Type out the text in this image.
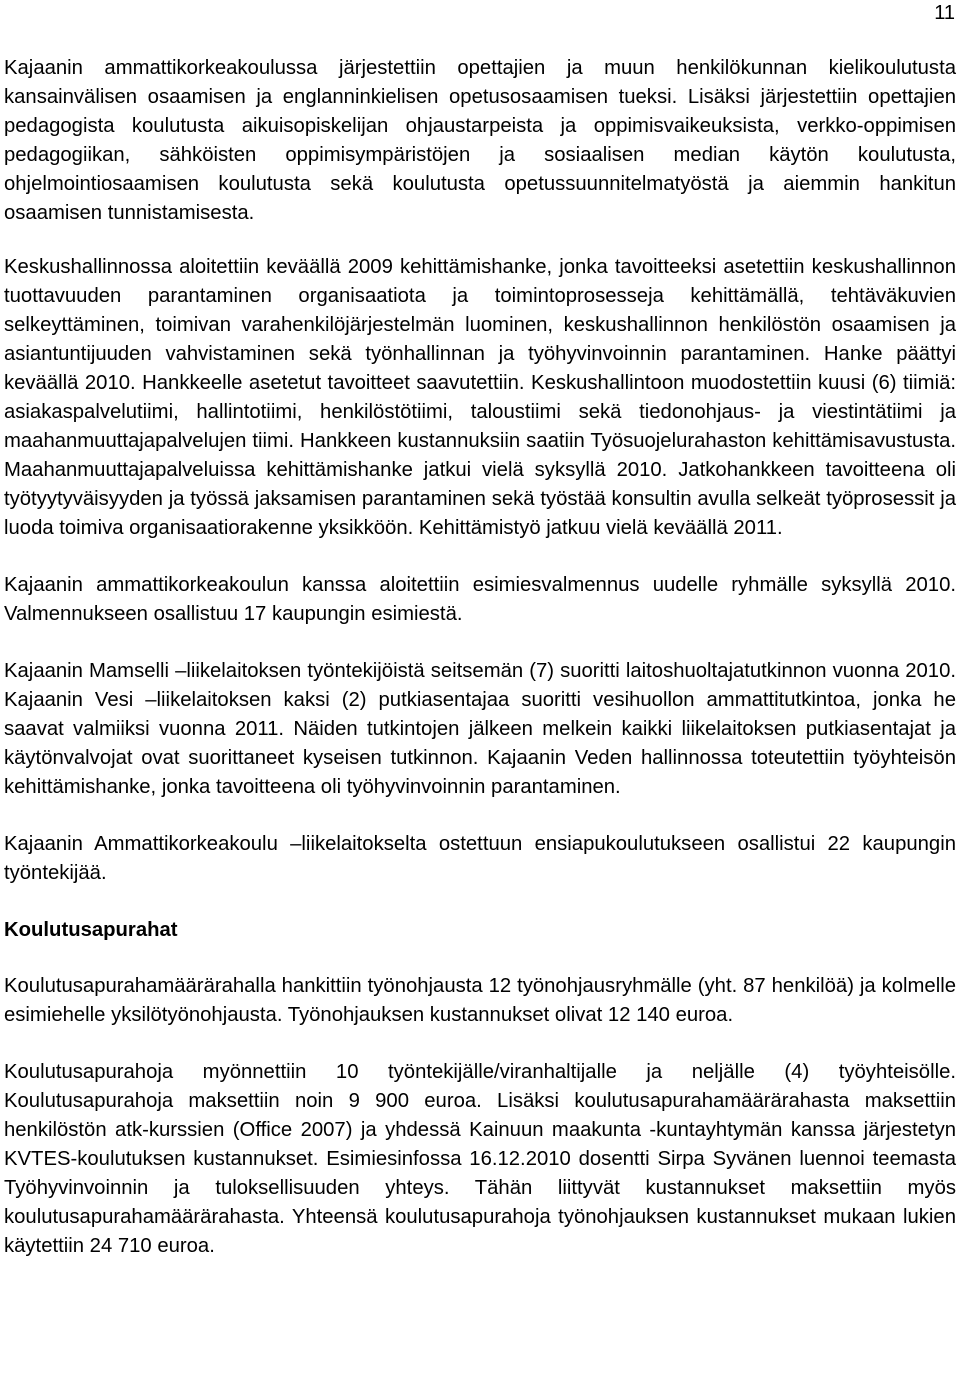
11

Kajaanin ammattikorkeakoulussa järjestettiin opettajien ja muun henkilökunnan kielikoulutusta kansainvälisen osaamisen ja englanninkielisen opetusosaamisen tueksi. Lisäksi järjestettiin opettajien pedagogista koulutusta aikuisopiskelijan ohjaustarpeista ja oppimisvaikeuksista, verkko-oppimisen pedagogiikan, sähköisten oppimisympäristöjen ja sosiaalisen median käytön koulutusta, ohjelmointiosaamisen koulutusta sekä koulutusta opetussuunnitelmatyöstä ja aiemmin hankitun osaamisen tunnistamisesta.

Keskushallinnossa aloitettiin keväällä 2009 kehittämishanke, jonka tavoitteeksi asetettiin keskushallinnon tuottavuuden parantaminen organisaatiota ja toimintoprosesseja kehittämällä, tehtäväkuvien selkeyttäminen, toimivan varahenkilöjärjestelmän luominen, keskushallinnon henkilöstön osaamisen ja asiantuntijuuden vahvistaminen sekä työnhallinnan ja työhyvinvoinnin parantaminen. Hanke päättyi keväällä 2010. Hankkeelle asetetut tavoitteet saavutettiin. Keskushallintoon muodostettiin kuusi (6) tiimiä: asiakaspalvelutiimi, hallintotiimi, henkilöstötiimi, taloustiimi sekä tiedonohjaus- ja viestintätiimi ja maahanmuuttajapalvelujen tiimi. Hankkeen kustannuksiin saatiin Työsuojelurahaston kehittämisavustusta. Maahanmuuttajapalveluissa kehittämishanke jatkui vielä syksyllä 2010. Jatkohankkeen tavoitteena oli työtyytyväisyyden ja työssä jaksamisen parantaminen sekä työstää konsultin avulla selkeät työprosessit ja luoda toimiva organisaatiorakenne yksikköön. Kehittämistyö jatkuu vielä keväällä 2011.

Kajaanin ammattikorkeakoulun kanssa aloitettiin esimiesvalmennus uudelle ryhmälle syksyllä 2010. Valmennukseen osallistuu 17 kaupungin esimiestä.

Kajaanin Mamselli –liikelaitoksen työntekijöistä seitsemän (7) suoritti laitoshuoltajatutkinnon vuonna 2010. Kajaanin Vesi –liikelaitoksen kaksi (2) putkiasentajaa suoritti vesihuollon ammattitutkintoa, jonka he saavat valmiiksi vuonna 2011. Näiden tutkintojen jälkeen melkein kaikki liikelaitoksen putkiasentajat ja käytönvalvojat ovat suorittaneet kyseisen tutkinnon. Kajaanin Veden hallinnossa toteutettiin työyhteisön kehittämishanke, jonka tavoitteena oli työhyvinvoinnin parantaminen.

Kajaanin Ammattikorkeakoulu –liikelaitokselta ostettuun ensiapukoulutukseen osallistui 22 kaupungin työntekijää.

Koulutusapurahat

Koulutusapurahamäärärahalla hankittiin työnohjausta 12 työnohjausryhmälle (yht. 87 henkilöä) ja kolmelle esimiehelle yksilötyönohjausta. Työnohjauksen kustannukset olivat 12 140 euroa.

Koulutusapurahoja myönnettiin 10 työntekijälle/viranhaltijalle ja neljälle (4) työyhteisölle. Koulutusapurahoja maksettiin noin 9 900 euroa. Lisäksi koulutusapurahamäärärahasta maksettiin henkilöstön atk-kurssien (Office 2007) ja yhdessä Kainuun maakunta -kuntayhtymän kanssa järjestetyn KVTES-koulutuksen kustannukset. Esimiesinfossa 16.12.2010 dosentti Sirpa Syvänen luennoi teemasta Työhyvinvoinnin ja tuloksellisuuden yhteys. Tähän liittyvät kustannukset maksettiin myös koulutusapurahamäärärahasta. Yhteensä koulutusapurahoja työnohjauksen kustannukset mukaan lukien käytettiin 24 710 euroa.
